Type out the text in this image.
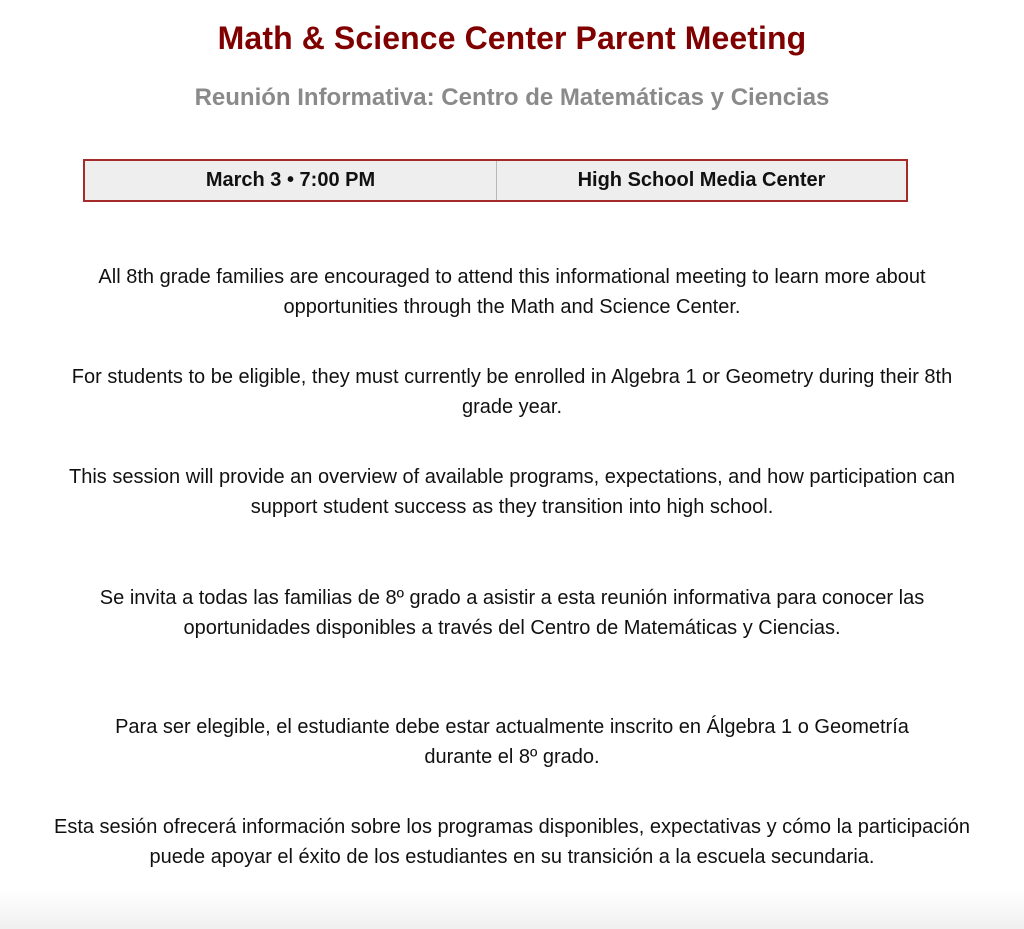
Math & Science Center Parent Meeting
Reunión Informativa: Centro de Matemáticas y Ciencias
March 3 • 7:00 PM	High School Media Center

All 8th grade families are encouraged to attend this informational meeting to learn more about opportunities through the Math and Science Center.

For students to be eligible, they must currently be enrolled in Algebra 1 or Geometry during their 8th grade year.

This session will provide an overview of available programs, expectations, and how participation can support student success as they transition into high school.

Se invita a todas las familias de 8º grado a asistir a esta reunión informativa para conocer las oportunidades disponibles a través del Centro de Matemáticas y Ciencias.

Para ser elegible, el estudiante debe estar actualmente inscrito en Álgebra 1 o Geometría durante el 8º grado.

Esta sesión ofrecerá información sobre los programas disponibles, expectativas y cómo la participación puede apoyar el éxito de los estudiantes en su transición a la escuela secundaria.
